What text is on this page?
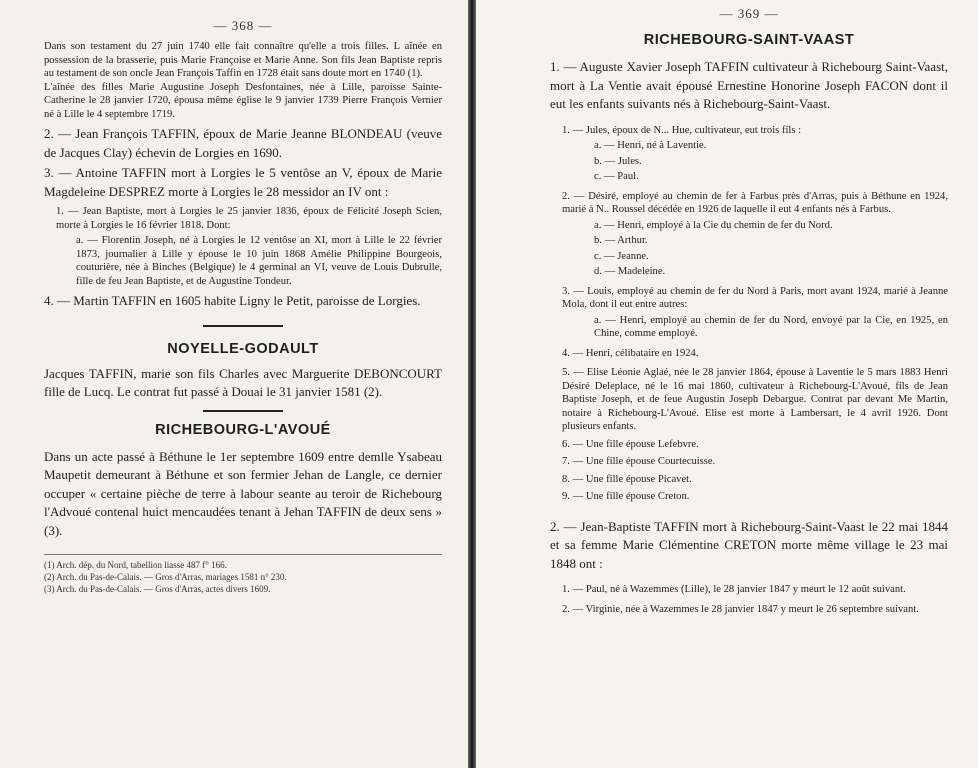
— 368 —

Dans son testament du 27 juin 1740 elle fait connaître qu'elle a trois filles. L aînée en possession de la brasserie, puis Marie Françoise et Marie Anne. Son fils Jean Baptiste repris au testament de son oncle Jean François Taffin en 1728 était sans doute mort en 1740 (1).

L'aînée des filles Marie Augustine Joseph Desfontaines, née à Lille, paroisse Sainte-Catherine le 28 janvier 1720, épousa même église le 9 janvier 1739 Pierre François Vernier né à Lille le 4 septembre 1719.

2. — Jean François TAFFIN, époux de Marie Jeanne BLONDEAU (veuve de Jacques Clay) échevin de Lorgies en 1690.

3. — Antoine TAFFIN mort à Lorgies le 5 ventôse an V, époux de Marie Magdeleine DESPREZ morte à Lorgies le 28 messidor an IV ont :

1. — Jean Baptiste, mort à Lorgies le 25 janvier 1836, époux de Félicité Joseph Scien, morte à Lorgies le 16 février 1818. Dont:

a. — Florentin Joseph, né à Lorgies le 12 ventôse an XI, mort à Lille le 22 février 1873, journalier à Lille y épouse le 10 juin 1868 Amélie Philippine Bourgeois, couturière, née à Binches (Belgique) le 4 germinal an VI, veuve de Louis Dubrulle, fille de feu Jean Baptiste, et de Augustine Tondeur.

4. — Martin TAFFIN en 1605 habite Ligny le Petit, paroisse de Lorgies.

NOYELLE-GODAULT

Jacques TAFFIN, marie son fils Charles avec Marguerite DEBONCOURT fille de Lucq. Le contrat fut passé à Douai le 31 janvier 1581 (2).

RICHEBOURG-L'AVOUÉ

Dans un acte passé à Béthune le 1er septembre 1609 entre demlle Ysabeau Maupetit demeurant à Béthune et son fermier Jehan de Langle, ce dernier occuper « certaine pièche de terre à labour seante au teroir de Richebourg l'Advoué contenal huict mencaudées tenant à Jehan TAFFIN de deux sens » (3).

(1) Arch. dép. du Nord, tabellion liasse 487 f° 166.

(2) Arch. du Pas-de-Calais. — Gros d'Arras, mariages 1581 n° 230.

(3) Arch. du Pas-de-Calais. — Gros d'Arras, actes divers 1609.

— 369 —
RICHEBOURG-SAINT-VAAST

1. — Auguste Xavier Joseph TAFFIN cultivateur à Richebourg Saint-Vaast, mort à La Ventie avait épousé Ernestine Honorine Joseph FACON dont il eut les enfants suivants nés à Richebourg-Saint-Vaast.

1. — Jules, époux de N... Hue, cultivateur, eut trois fils :

a. — Henri, né à Laventie.

b. — Jules.

c. — Paul.

2. — Désiré, employé au chemin de fer à Farbus près d'Arras, puis à Béthune en 1924, marié à N.. Roussel décédée en 1926 de laquelle il eut 4 enfants nés à Farbus.

a. — Henri, employé à la Cie du chemin de fer du Nord.

b. — Arthur.

c. — Jeanne.

d. — Madeleine.

3. — Louis, employé au chemin de fer du Nord à Paris, mort avant 1924, marié à Jeanne Mola, dont il eut entre autres:

a. — Henri, employé au chemin de fer du Nord, envoyé par la Cie, en 1925, en Chine, comme employé.

4. — Henri, célibataire en 1924.

5. — Elise Léonie Aglaé, née le 28 janvier 1864, épouse à Laventie le 5 mars 1883 Henri Désiré Deleplace, né le 16 mai 1860, cultivateur à Richebourg-L'Avoué, fils de Jean Baptiste Joseph, et de feue Augustin Joseph Debargue. Contrat par devant Me Martin, notaire à Richebourg-L'Avoué. Elise est morte à Lambersart, le 4 avril 1926. Dont plusieurs enfants.

6. — Une fille épouse Lefebvre.

7. — Une fille épouse Courtecuisse.

8. — Une fille épouse Picavet.

9. — Une fille épouse Creton.

2. — Jean-Baptiste TAFFIN mort à Richebourg-Saint-Vaast le 22 mai 1844 et sa femme Marie Clémentine CRETON morte même village le 23 mai 1848 ont :

1. — Paul, né à Wazemmes (Lille), le 28 janvier 1847 y meurt le 12 août suivant.

2. — Virginie, née à Wazemmes le 28 janvier 1847 y meurt le 26 septembre suivant.
